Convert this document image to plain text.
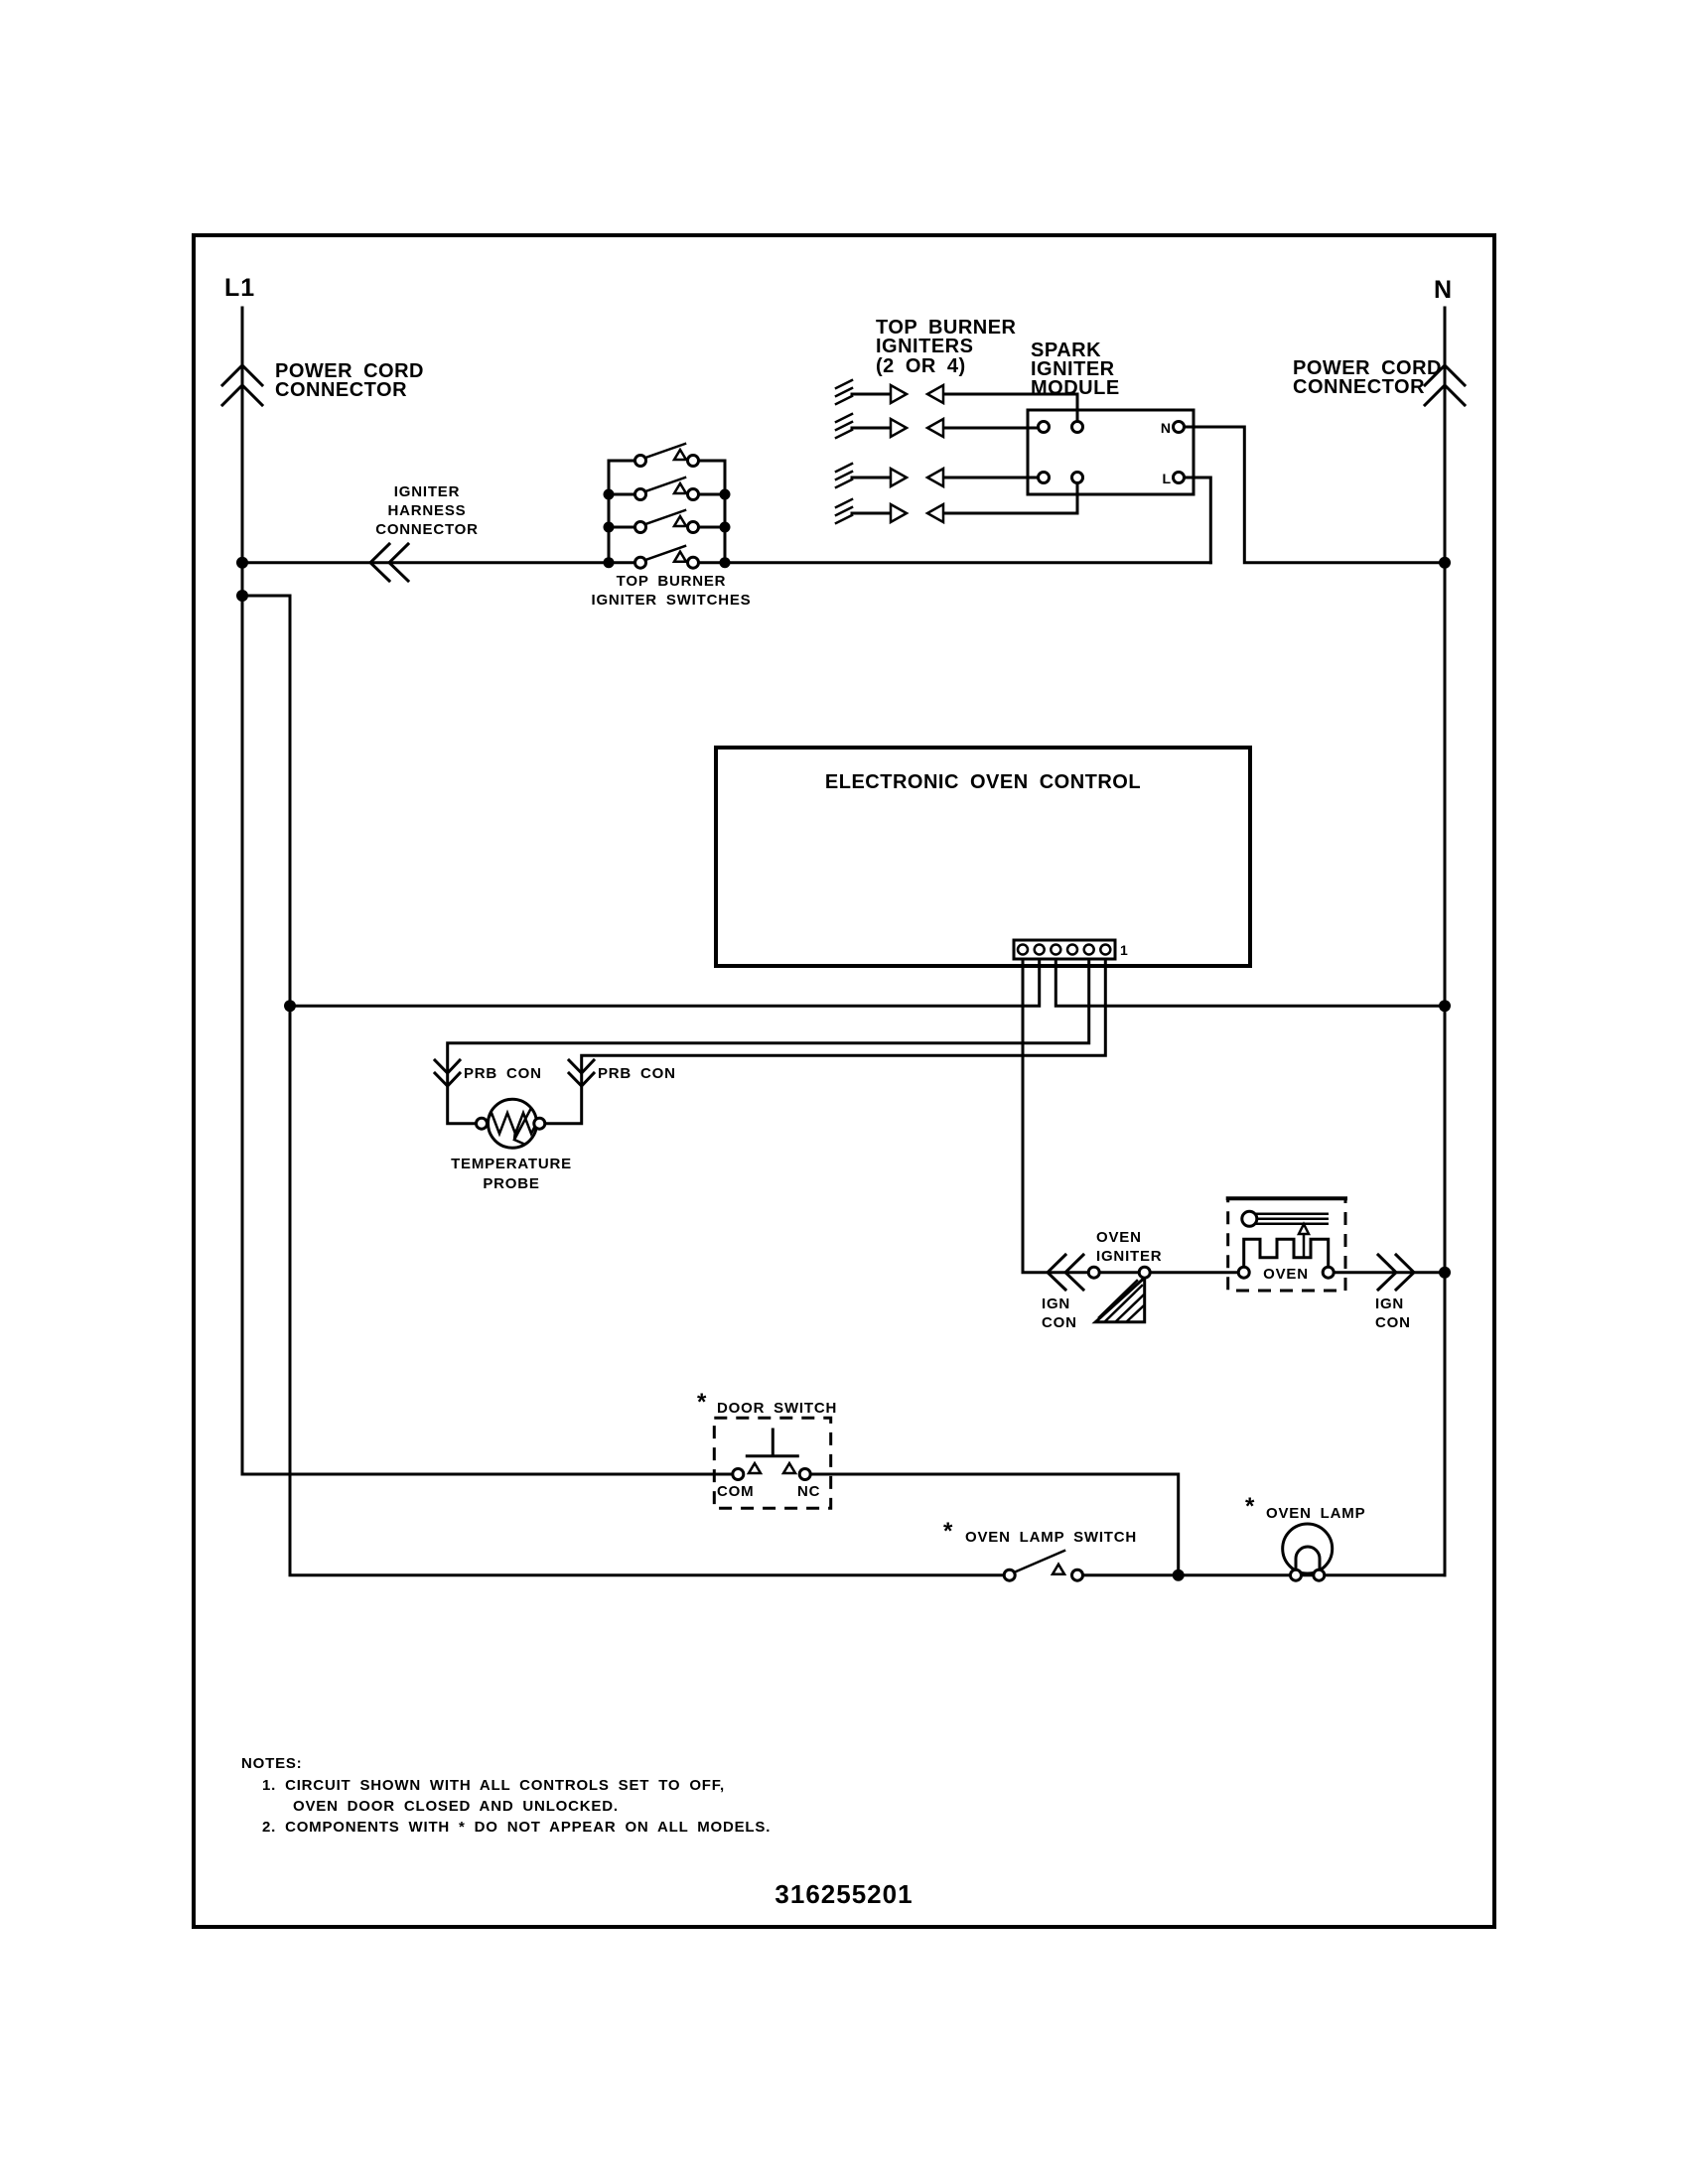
L1
POWER CORD
CONNECTOR
N
POWER CORD
CONNECTOR
IGNITER
HARNESS
CONNECTOR
TOP BURNER
IGNITER SWITCHES
TOP BURNER
IGNITERS
(2 OR 4)
N
L
SPARK
IGNITER
MODULE
1
ELECTRONIC OVEN CONTROL
PRB CON	PRB CON
TEMPERATURE
PROBE
OVEN
IGNITER
IGN
CON
IGN
CON
OVEN
* DOOR SWITCH
COM	NC
* OVEN LAMP SWITCH
* OVEN LAMP
NOTES:
1. CIRCUIT SHOWN WITH ALL CONTROLS SET TO OFF,
OVEN DOOR CLOSED AND UNLOCKED.
2. COMPONENTS WITH * DO NOT APPEAR ON ALL MODELS.
316255201
